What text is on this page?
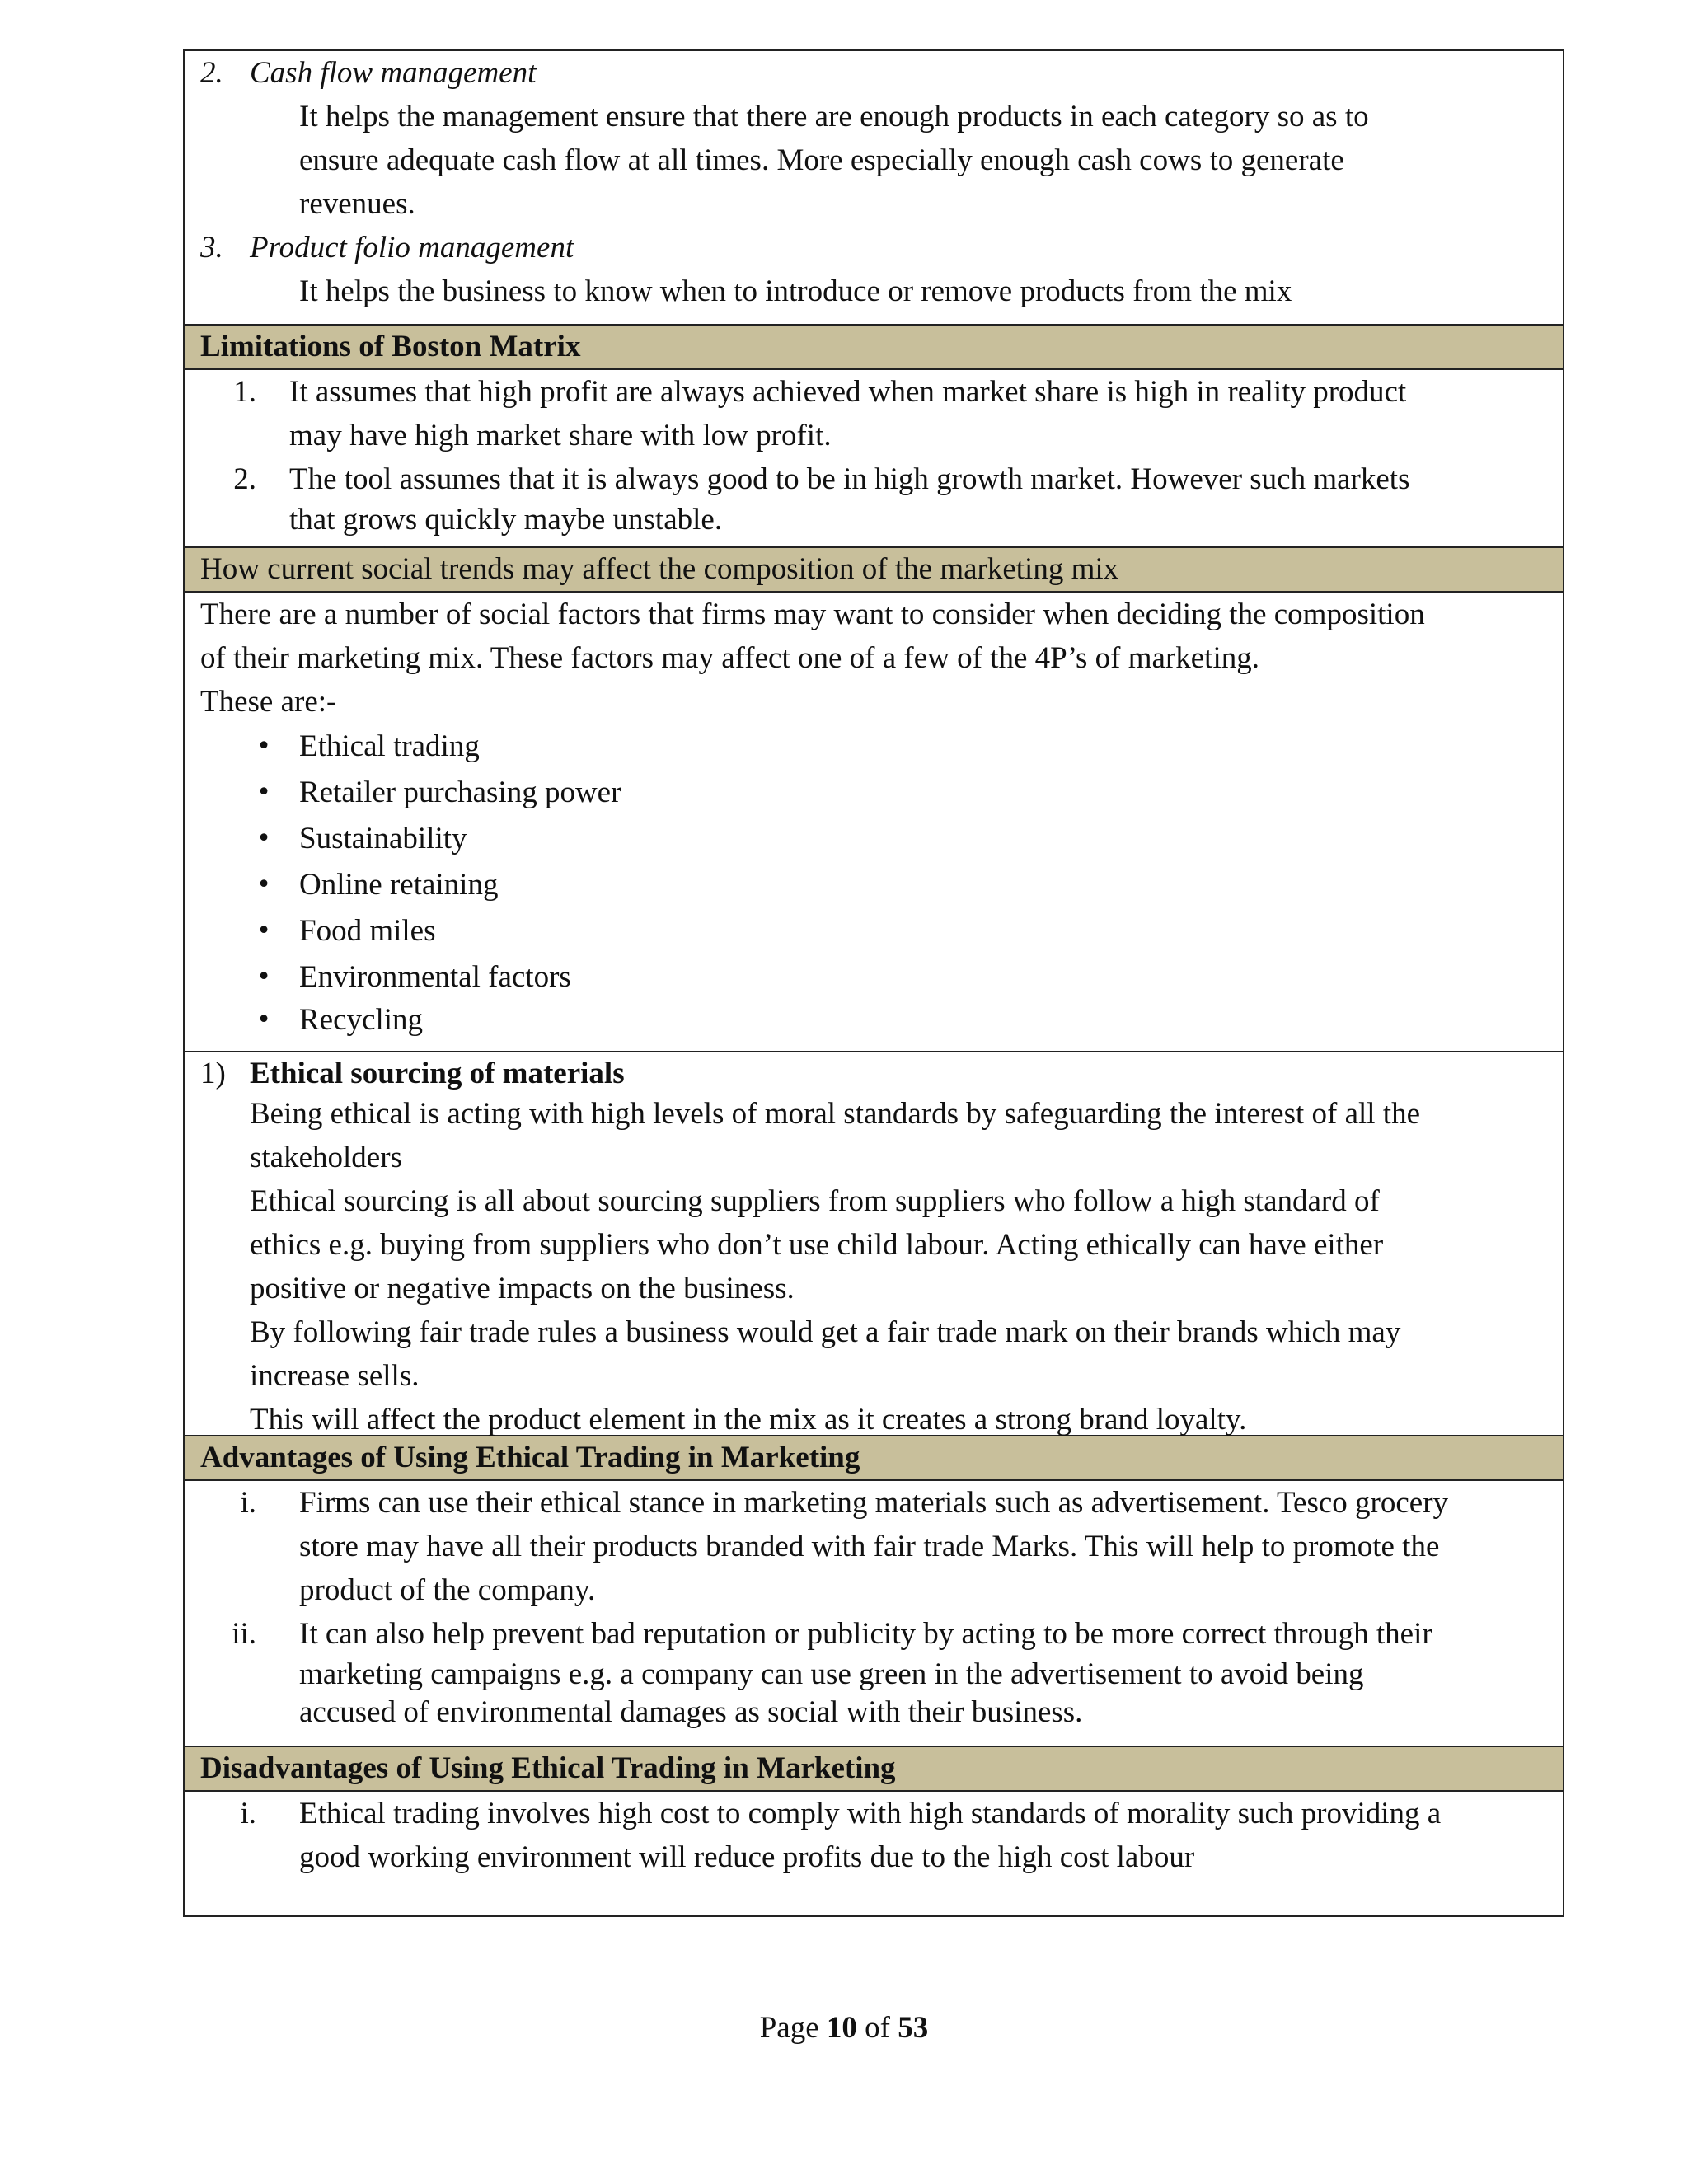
2. Cash flow management
It helps the management ensure that there are enough products in each category so as to
ensure adequate cash flow at all times. More especially enough cash cows to generate
revenues.
3. Product folio management
It helps the business to know when to introduce or remove products from the mix
Limitations of Boston Matrix
1.	It assumes that high profit are always achieved when market share is high in reality product
may have high market share with low profit.
2.	The tool assumes that it is always good to be in high growth market. However such markets
that grows quickly maybe unstable.
How current social trends may affect the composition of the marketing mix
There are a number of social factors that firms may want to consider when deciding the composition
of their marketing mix. These factors may affect one of a few of the 4P’s of marketing.
These are:-
• Ethical trading
• Retailer purchasing power
• Sustainability
• Online retaining
• Food miles
• Environmental factors
• Recycling
1) Ethical sourcing of materials
Being ethical is acting with high levels of moral standards by safeguarding the interest of all the
stakeholders
Ethical sourcing is all about sourcing suppliers from suppliers who follow a high standard of
ethics e.g. buying from suppliers who don’t use child labour. Acting ethically can have either
positive or negative impacts on the business.
By following fair trade rules a business would get a fair trade mark on their brands which may
increase sells.
This will affect the product element in the mix as it creates a strong brand loyalty.
Advantages of Using Ethical Trading in Marketing
i.	Firms can use their ethical stance in marketing materials such as advertisement. Tesco grocery
store may have all their products branded with fair trade Marks. This will help to promote the
product of the company.
ii.	It can also help prevent bad reputation or publicity by acting to be more correct through their
marketing campaigns e.g. a company can use green in the advertisement to avoid being
accused of environmental damages as social with their business.
Disadvantages of Using Ethical Trading in Marketing
i.	Ethical trading involves high cost to comply with high standards of morality such providing a
good working environment will reduce profits due to the high cost labour
Page 10 of 53
